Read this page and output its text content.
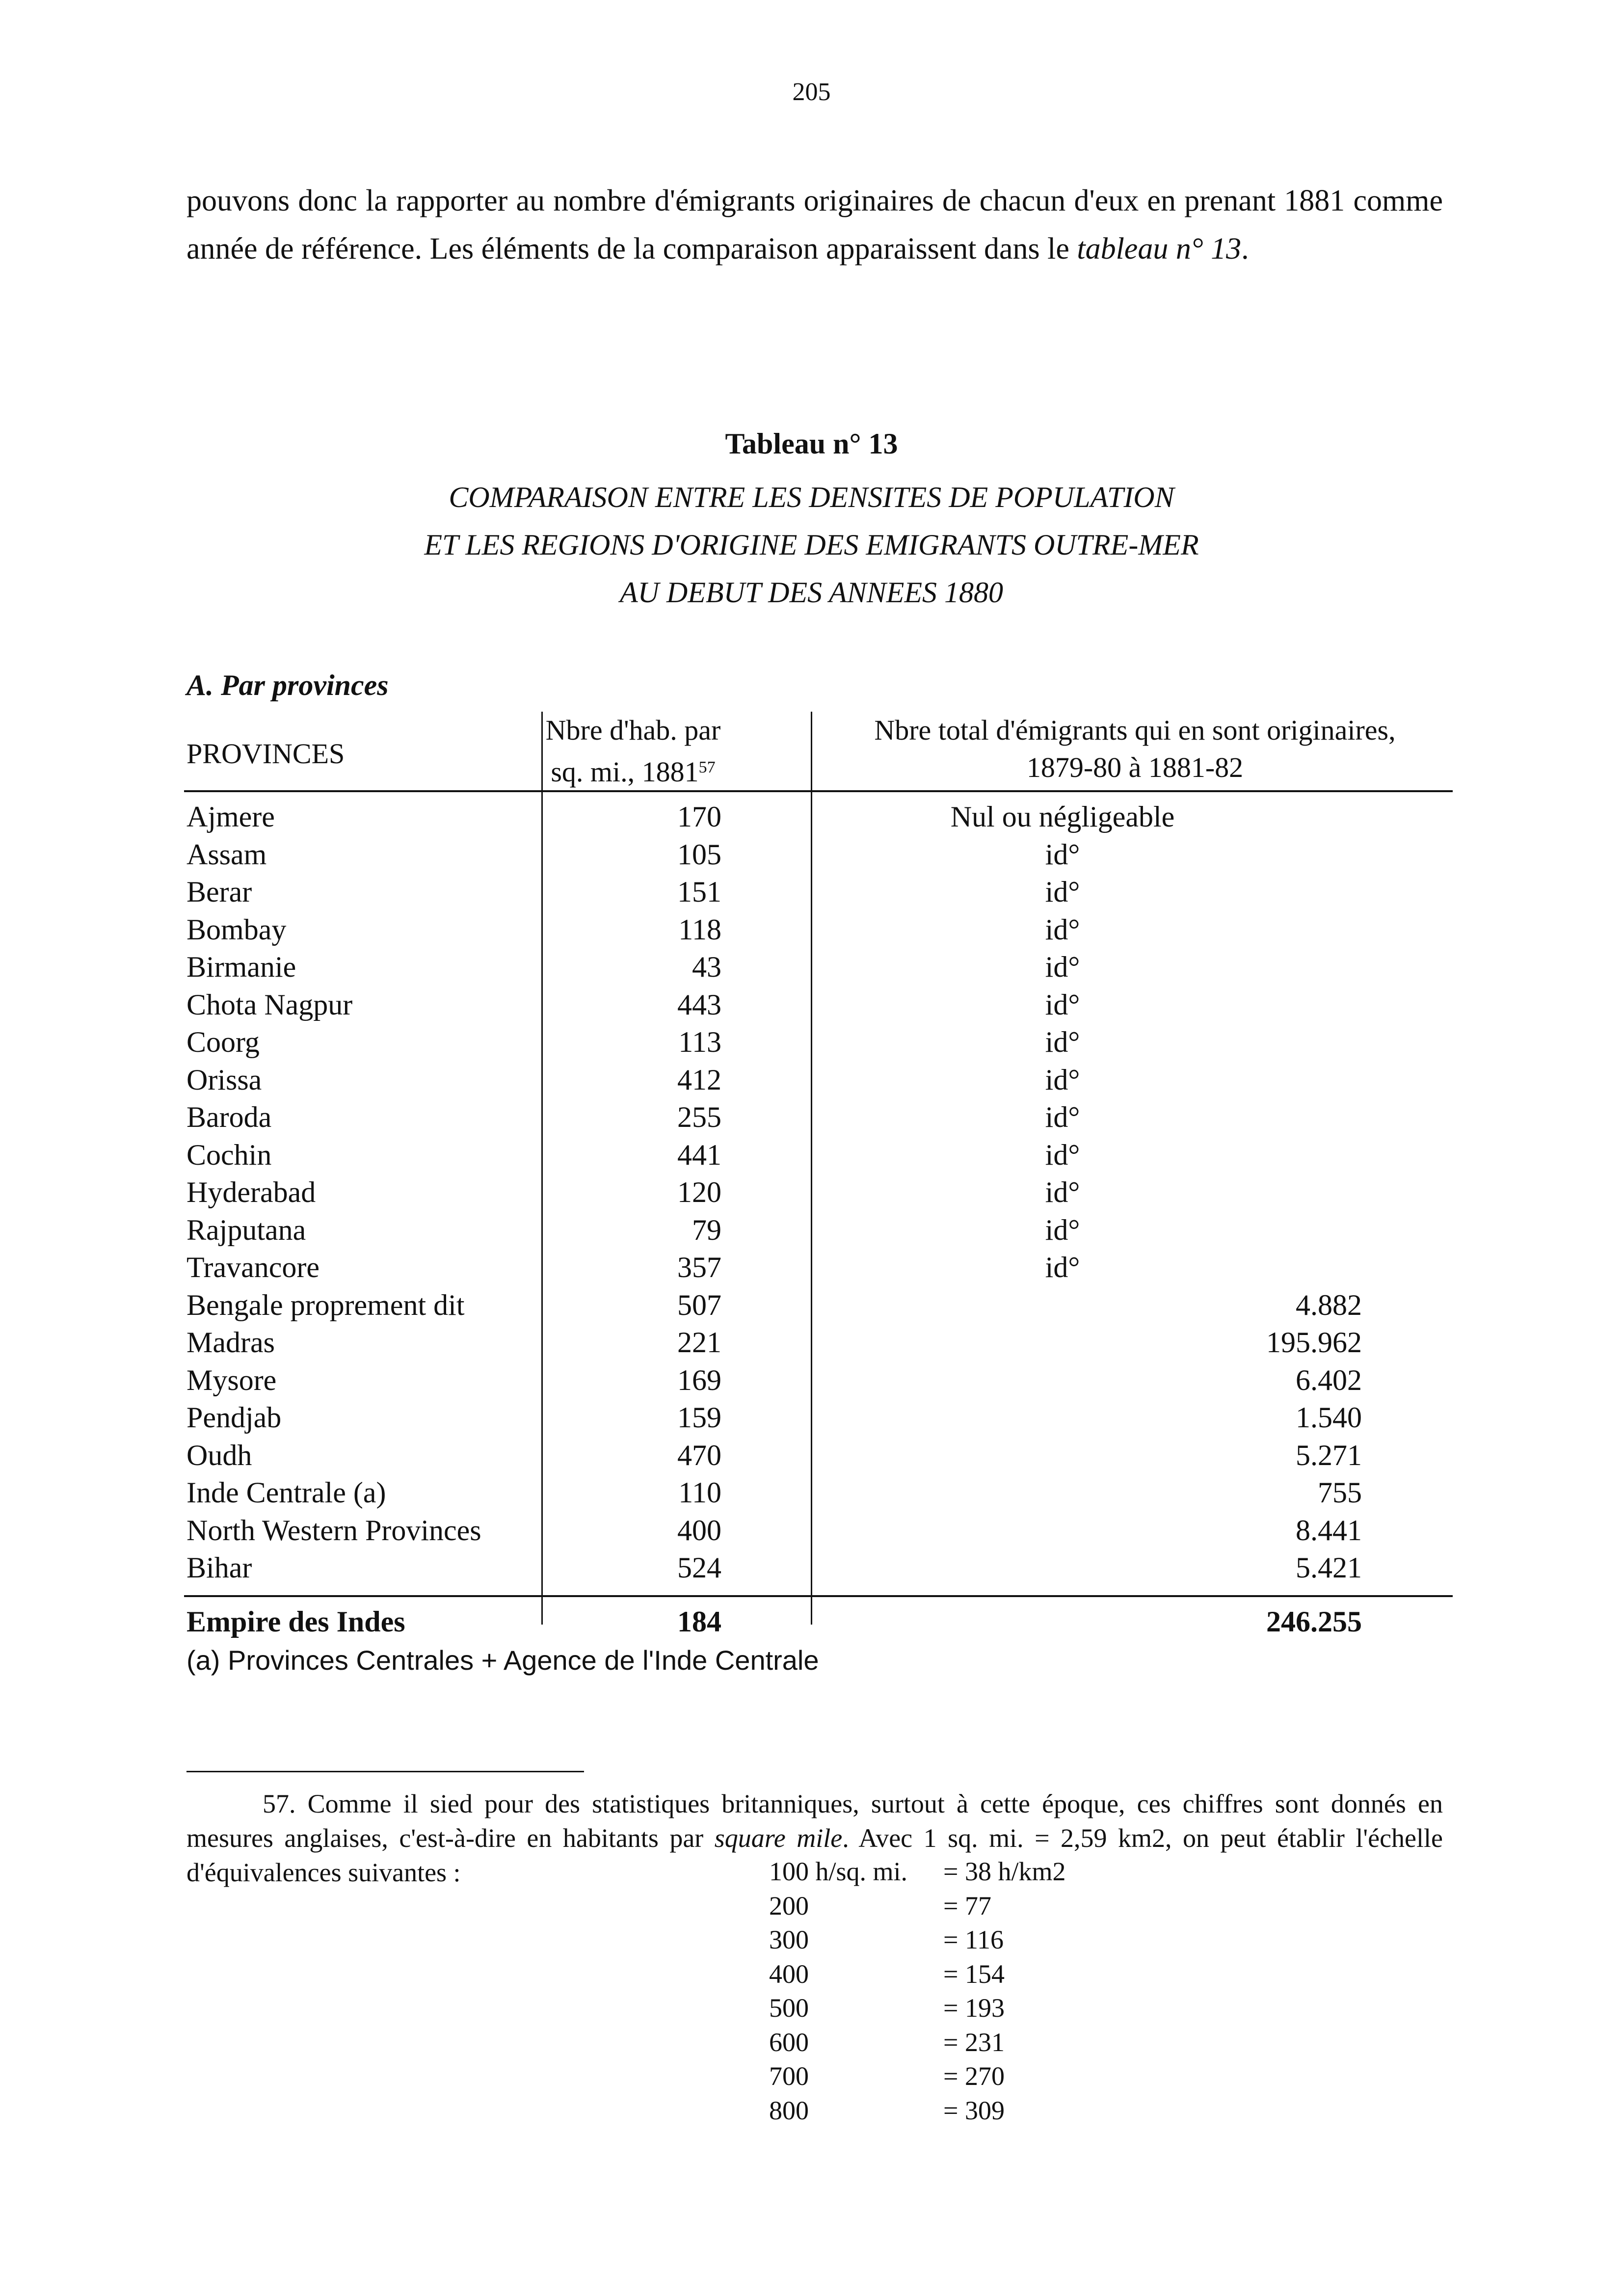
205
pouvons donc la rapporter au nombre d'émigrants originaires de chacun d'eux en prenant 1881 comme année de référence. Les éléments de la comparaison apparaissent dans le tableau n° 13.
Tableau n° 13
COMPARAISON ENTRE LES DENSITES DE POPULATION
ET LES REGIONS D'ORIGINE DES EMIGRANTS OUTRE-MER
AU DEBUT DES ANNEES 1880
A. Par provinces
PROVINCES
Nbre d'hab. par
sq. mi., 1881$^{57}$
Nbre total d'émigrants qui en sont originaires,
1879-80 à 1881-82
Ajmere	170	Nul ou négligeable
Assam	105	id°
Berar	151	id°
Bombay	118	id°
Birmanie	43	id°
Chota Nagpur	443	id°
Coorg	113	id°
Orissa	412	id°
Baroda	255	id°
Cochin	441	id°
Hyderabad	120	id°
Rajputana	79	id°
Travancore	357	id°
Bengale proprement dit	507	4.882
Madras	221	195.962
Mysore	169	6.402
Pendjab	159	1.540
Oudh	470	5.271
Inde Centrale (a)	110	755
North Western Provinces	400	8.441
Bihar	524	5.421
Empire des Indes	184	246.255
(a) Provinces Centrales + Agence de l'Inde Centrale
57. Comme il sied pour des statistiques britanniques, surtout à cette époque, ces chiffres sont donnés en mesures anglaises, c'est-à-dire en habitants par square mile. Avec 1 sq. mi. = 2,59 km2, on peut établir l'échelle d'équivalences suivantes :	100 h/sq. mi. = 38 h/km2
200	= 77
300	= 116
400	= 154
500	= 193
600	= 231
700	= 270
800	= 309
